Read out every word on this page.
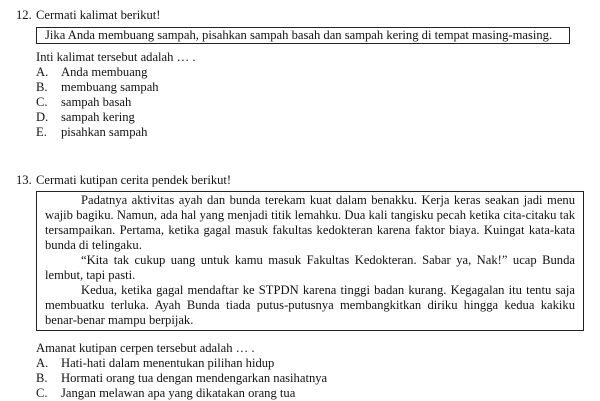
12. Cermati kalimat berikut!
Jika Anda membuang sampah, pisahkan sampah basah dan sampah kering di tempat masing-masing.
Inti kalimat tersebut adalah … .
A.	Anda membuang
B.	membuang sampah
C.	sampah basah
D.	sampah kering
E.	pisahkan sampah
13. Cermati kutipan cerita pendek berikut!

Padatnya aktivitas ayah dan bunda terekam kuat dalam benakku. Kerja keras seakan jadi menu wajib bagiku. Namun, ada hal yang menjadi titik lemahku. Dua kali tangisku pecah ketika cita-citaku tak tersampaikan. Pertama, ketika gagal masuk fakultas kedokteran karena faktor biaya. Kuingat kata-kata bunda di telingaku.

“Kita tak cukup uang untuk kamu masuk Fakultas Kedokteran. Sabar ya, Nak!” ucap Bunda lembut, tapi pasti.

Kedua, ketika gagal mendaftar ke STPDN karena tinggi badan kurang. Kegagalan itu tentu saja membuatku terluka. Ayah Bunda tiada putus-putusnya membangkitkan diriku hingga kedua kakiku benar-benar mampu berpijak.

Amanat kutipan cerpen tersebut adalah … .
A.	Hati-hati dalam menentukan pilihan hidup
B.	Hormati orang tua dengan mendengarkan nasihatnya
C.	Jangan melawan apa yang dikatakan orang tua
